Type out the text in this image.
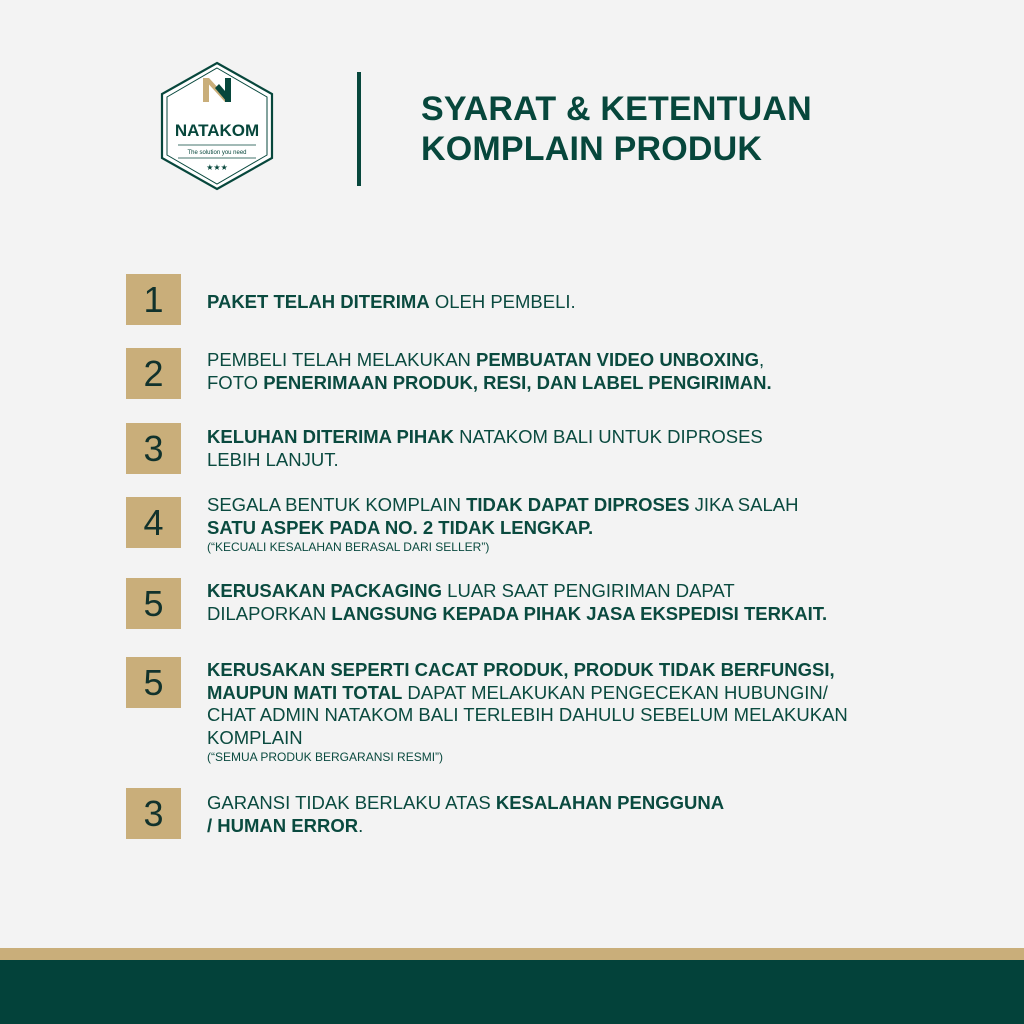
NATAKOM
The solution you need
★★★
SYARAT & KETENTUAN
KOMPLAIN PRODUK
1	PAKET TELAH DITERIMA OLEH PEMBELI.
2	PEMBELI TELAH MELAKUKAN PEMBUATAN VIDEO UNBOXING,
FOTO PENERIMAAN PRODUK, RESI, DAN LABEL PENGIRIMAN.
3	KELUHAN DITERIMA PIHAK NATAKOM BALI UNTUK DIPROSES
LEBIH LANJUT.
4	SEGALA BENTUK KOMPLAIN TIDAK DAPAT DIPROSES JIKA SALAH
SATU ASPEK PADA NO. 2 TIDAK LENGKAP.
(“KECUALI KESALAHAN BERASAL DARI SELLER”)
5	KERUSAKAN PACKAGING LUAR SAAT PENGIRIMAN DAPAT
DILAPORKAN LANGSUNG KEPADA PIHAK JASA EKSPEDISI TERKAIT.
5	KERUSAKAN SEPERTI CACAT PRODUK, PRODUK TIDAK BERFUNGSI,
MAUPUN MATI TOTAL DAPAT MELAKUKAN PENGECEKAN HUBUNGIN/
CHAT ADMIN NATAKOM BALI TERLEBIH DAHULU SEBELUM MELAKUKAN
KOMPLAIN
(“SEMUA PRODUK BERGARANSI RESMI”)
3	GARANSI TIDAK BERLAKU ATAS KESALAHAN PENGGUNA
/ HUMAN ERROR.
